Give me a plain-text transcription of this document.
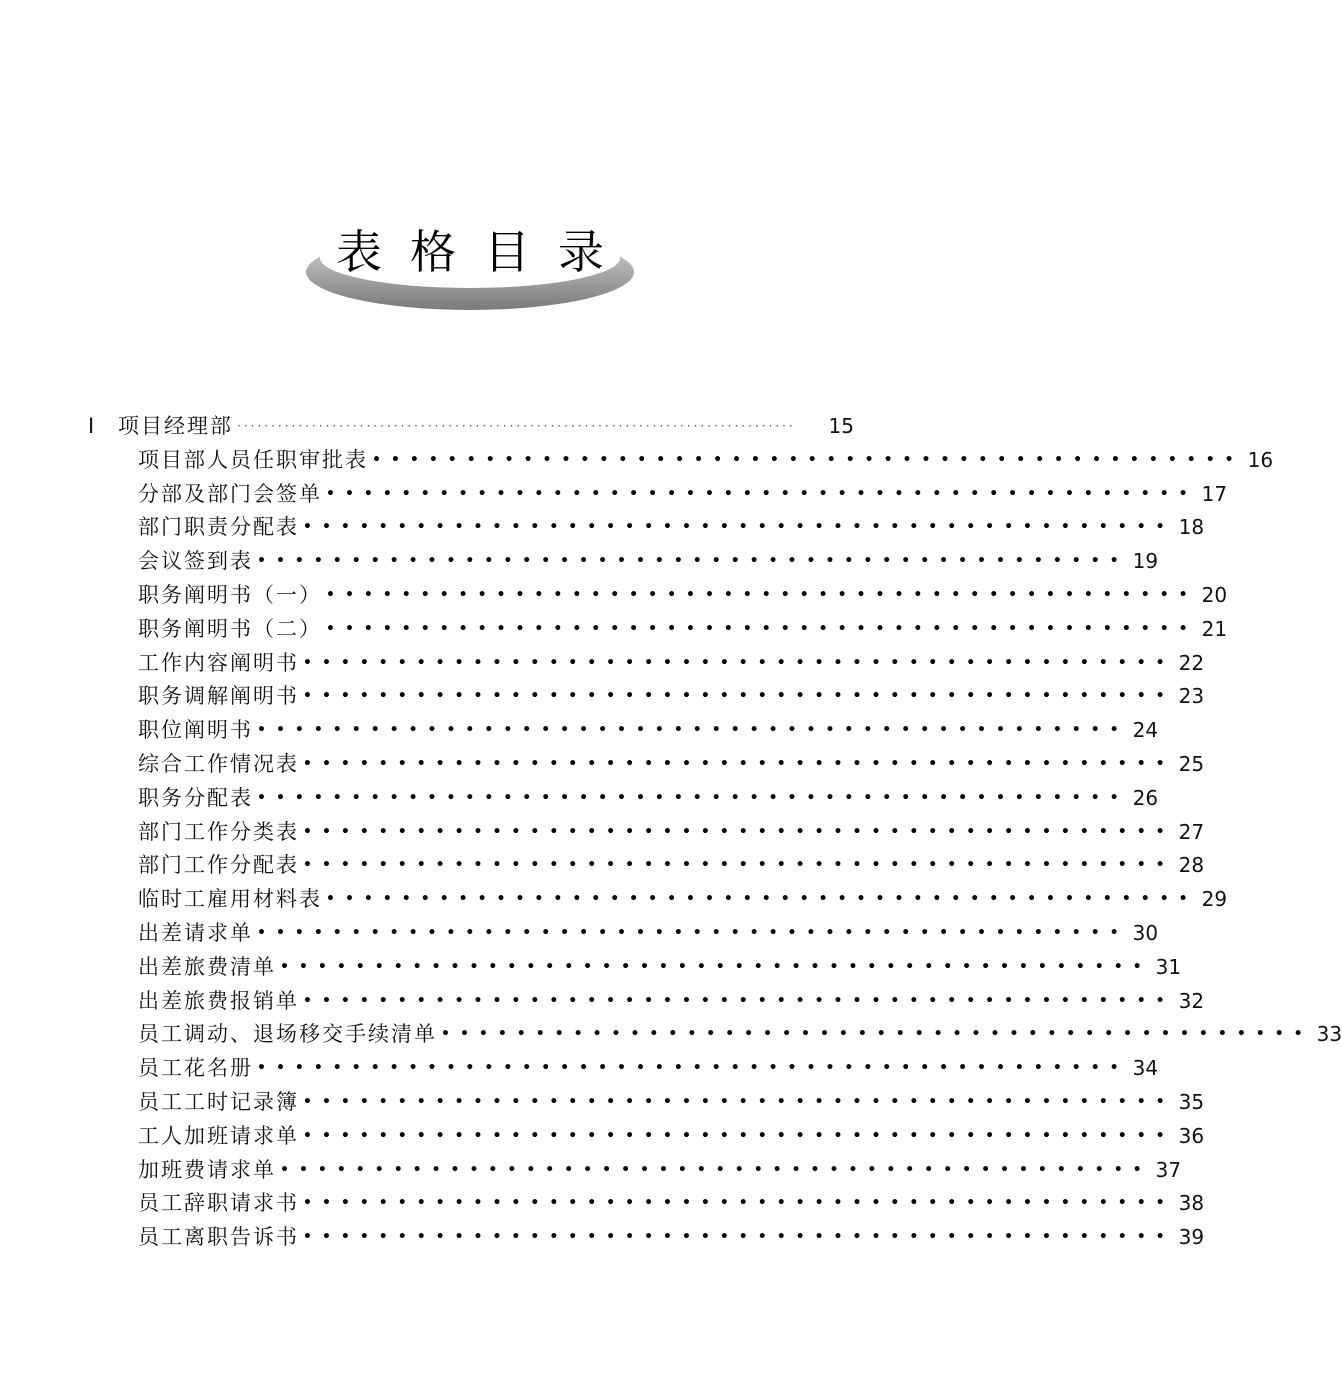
表格目录
Ⅰ	项目经理部 ·················································································· 15
项目部人员任职审批表 •••••••••••••••••••••••••••••••••••••••••••••• 16
分部及部门会签单 •••••••••••••••••••••••••••••••••••••••••••••• 17
部门职责分配表 •••••••••••••••••••••••••••••••••••••••••••••• 18
会议签到表 •••••••••••••••••••••••••••••••••••••••••••••• 19
职务阐明书（一） •••••••••••••••••••••••••••••••••••••••••••••• 20
职务阐明书（二） •••••••••••••••••••••••••••••••••••••••••••••• 21
工作内容阐明书 •••••••••••••••••••••••••••••••••••••••••••••• 22
职务调解阐明书 •••••••••••••••••••••••••••••••••••••••••••••• 23
职位阐明书 •••••••••••••••••••••••••••••••••••••••••••••• 24
综合工作情况表 •••••••••••••••••••••••••••••••••••••••••••••• 25
职务分配表 •••••••••••••••••••••••••••••••••••••••••••••• 26
部门工作分类表 •••••••••••••••••••••••••••••••••••••••••••••• 27
部门工作分配表 •••••••••••••••••••••••••••••••••••••••••••••• 28
临时工雇用材料表 •••••••••••••••••••••••••••••••••••••••••••••• 29
出差请求单 •••••••••••••••••••••••••••••••••••••••••••••• 30
出差旅费清单 •••••••••••••••••••••••••••••••••••••••••••••• 31
出差旅费报销单 •••••••••••••••••••••••••••••••••••••••••••••• 32
员工调动、退场移交手续清单 •••••••••••••••••••••••••••••••••••••••••••••• 33
员工花名册 •••••••••••••••••••••••••••••••••••••••••••••• 34
员工工时记录簿 •••••••••••••••••••••••••••••••••••••••••••••• 35
工人加班请求单 •••••••••••••••••••••••••••••••••••••••••••••• 36
加班费请求单 •••••••••••••••••••••••••••••••••••••••••••••• 37
员工辞职请求书 •••••••••••••••••••••••••••••••••••••••••••••• 38
员工离职告诉书 •••••••••••••••••••••••••••••••••••••••••••••• 39
